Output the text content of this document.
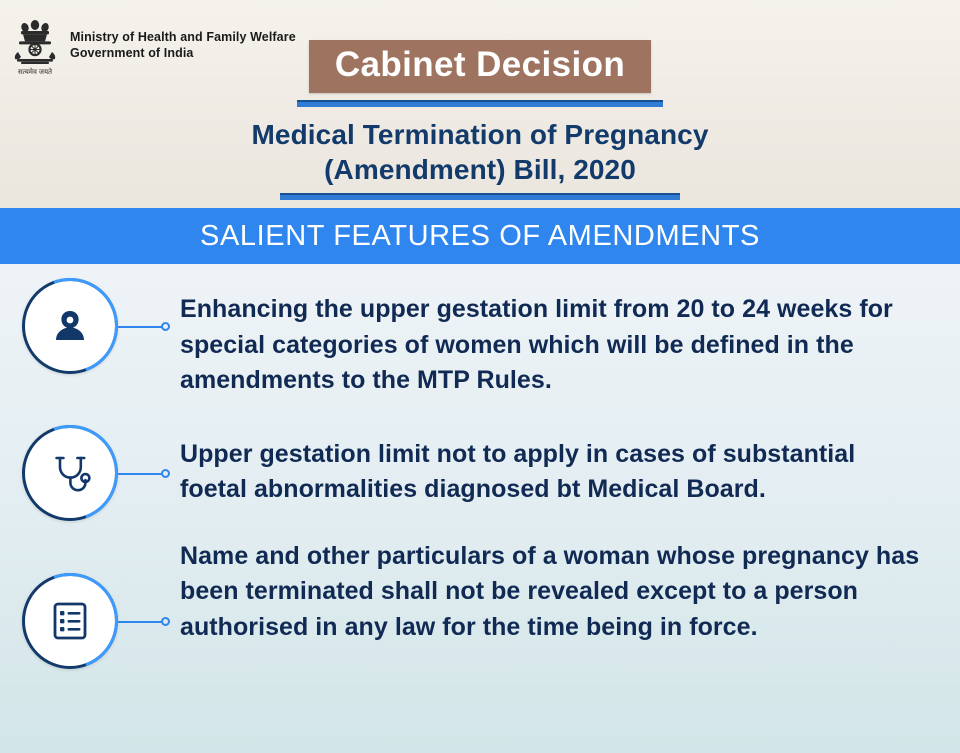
सत्यमेव जयते
Ministry of Health and Family Welfare
Government of India	Cabinet Decision
Medical Termination of Pregnancy
(Amendment) Bill, 2020
SALIENT FEATURES OF AMENDMENTS
Enhancing the upper gestation limit from 20 to 24 weeks for special categories of women which will be defined in the amendments to the MTP Rules.
Upper gestation limit not to apply in cases of substantial foetal abnormalities diagnosed bt Medical Board.
Name and other particulars of a woman whose pregnancy has been terminated shall not be revealed except to a person authorised in any law for the time being in force.
